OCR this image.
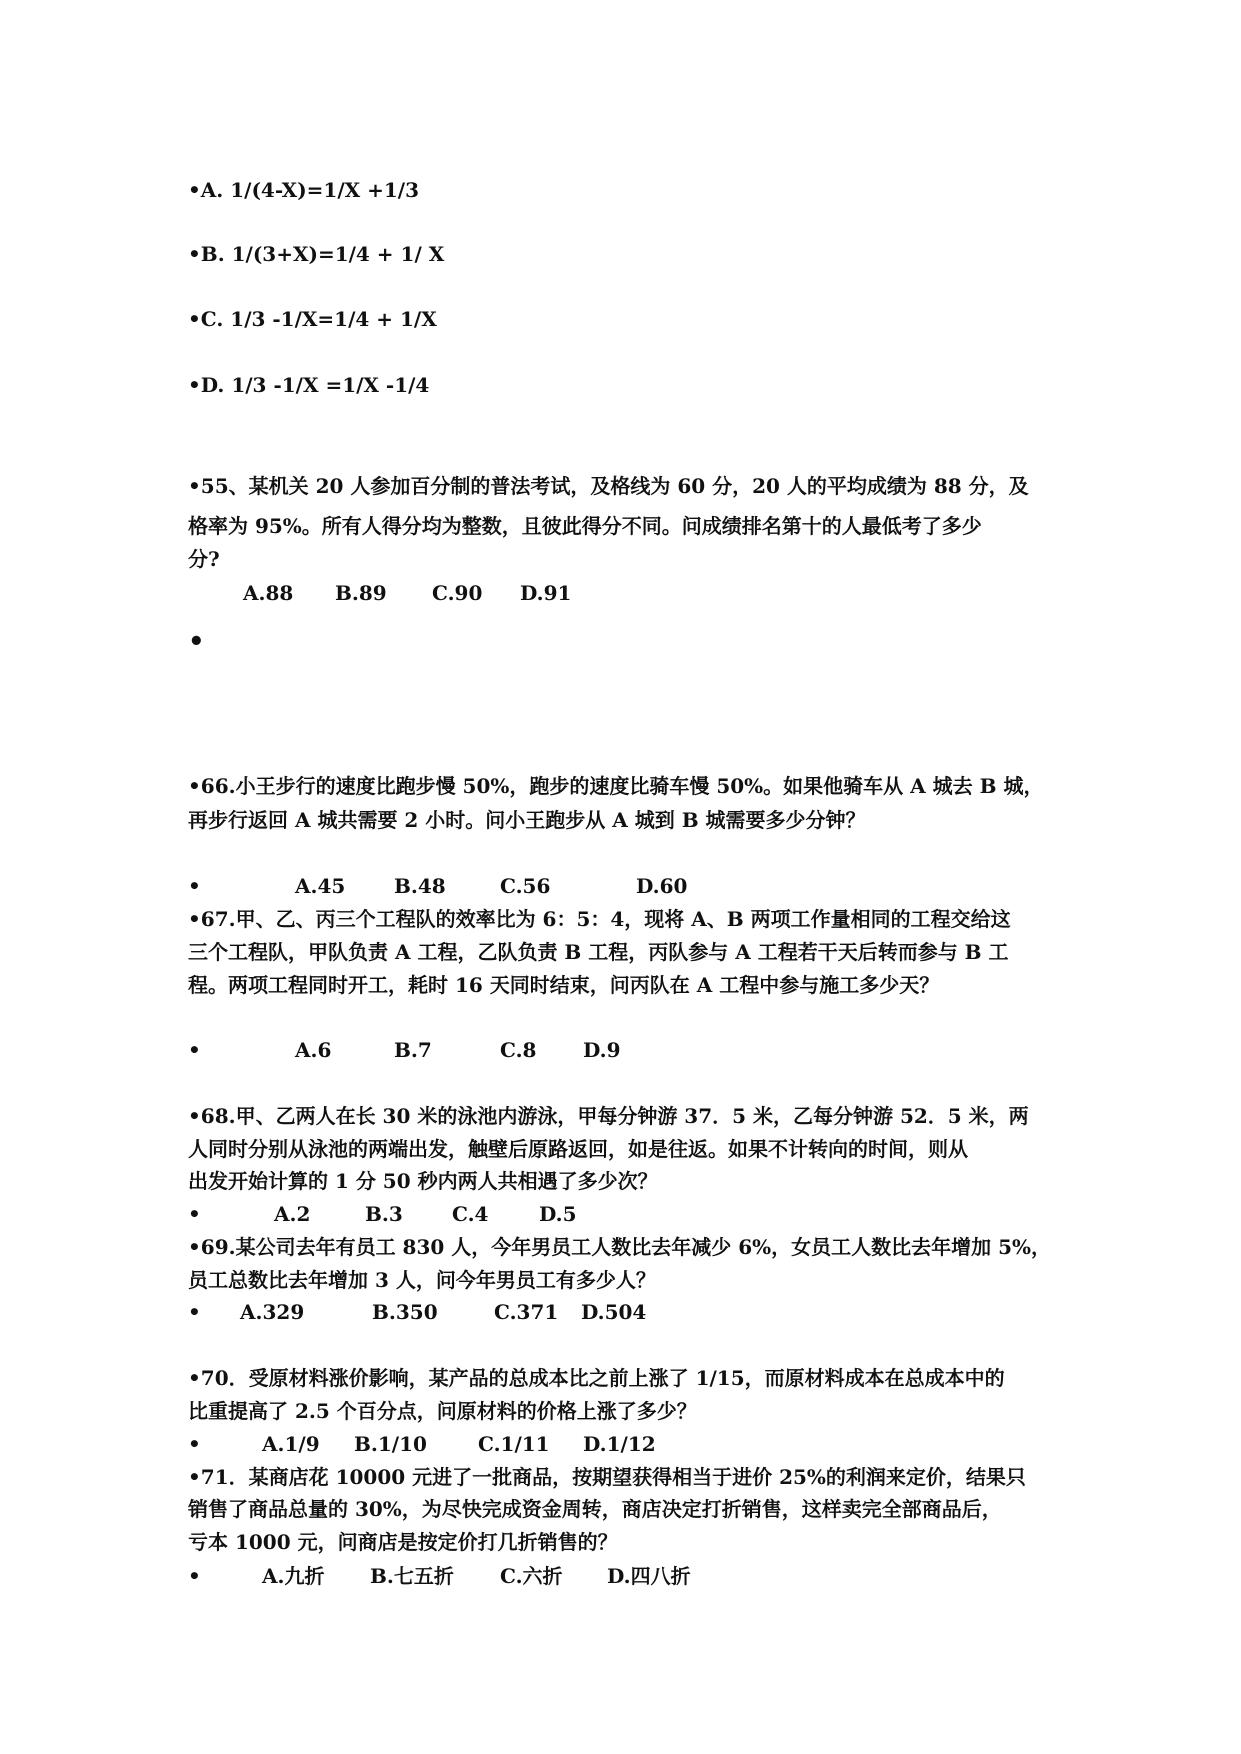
•A. 1/(4-X)=1/X +1/3
•B. 1/(3+X)=1/4 + 1/ X
•C. 1/3 -1/X=1/4 + 1/X
•D. 1/3 -1/X =1/X -1/4
•55、某机关 20 人参加百分制的普法考试，及格线为 60 分，20 人的平均成绩为 88 分，及
格率为 95%。所有人得分均为整数，且彼此得分不同。问成绩排名第十的人最低考了多少
分?
A.88 B.89 C.90 D.91
•
•66.小王步行的速度比跑步慢 50%，跑步的速度比骑车慢 50%。如果他骑车从 A 城去 B 城，
再步行返回 A 城共需要 2 小时。问小王跑步从 A 城到 B 城需要多少分钟？
•	A.45 B.48	C.56	D.60
•67.甲、乙、丙三个工程队的效率比为 6：5：4，现将 A、B 两项工作量相同的工程交给这
三个工程队，甲队负责 A 工程，乙队负责 B 工程，丙队参与 A 工程若干天后转而参与 B 工
程。两项工程同时开工，耗时 16 天同时结束，问丙队在 A 工程中参与施工多少天？
•	A.6	B.7	C.8 D.9
•68.甲、乙两人在长 30 米的泳池内游泳，甲每分钟游 37．5 米，乙每分钟游 52．5 米，两
人同时分别从泳池的两端出发，触壁后原路返回，如是往返。如果不计转向的时间，则从
出发开始计算的 1 分 50 秒内两人共相遇了多少次？
•	A.2	B.3 C.4	D.5
•69.某公司去年有员工 830 人，今年男员工人数比去年减少 6%，女员工人数比去年增加 5%，
员工总数比去年增加 3 人，问今年男员工有多少人？
• A.329	B.350	C.371 D.504
•70．受原材料涨价影响，某产品的总成本比之前上涨了 1/15，而原材料成本在总成本中的
比重提高了 2.5 个百分点，问原材料的价格上涨了多少？
•	A.1/9 B.1/10	C.1/11 D.1/12
•71．某商店花 10000 元进了一批商品，按期望获得相当于进价 25%的利润来定价，结果只
销售了商品总量的 30%，为尽快完成资金周转，商店决定打折销售，这样卖完全部商品后，
亏本 1000 元，问商店是按定价打几折销售的？
•	A.九折 B.七五折 C.六折 D.四八折
